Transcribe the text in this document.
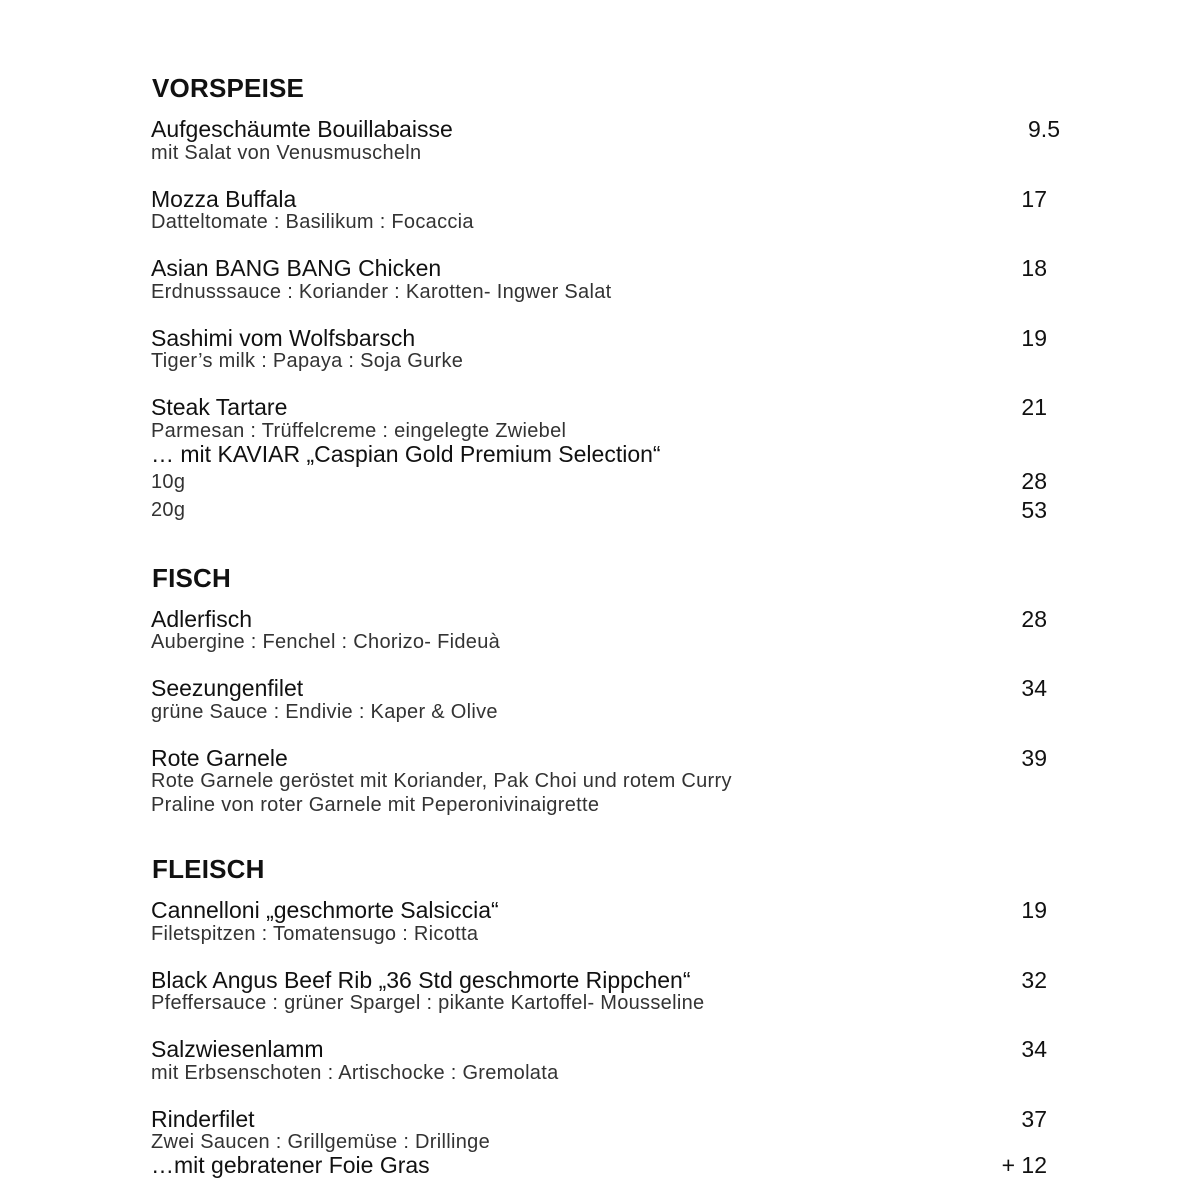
VORSPEISE
Aufgeschäumte Bouillabaisse	9.5
mit Salat von Venusmuscheln
Mozza Buffala	17
Datteltomate : Basilikum : Focaccia
Asian BANG BANG Chicken	18
Erdnusssauce : Koriander : Karotten- Ingwer Salat
Sashimi vom Wolfsbarsch	19
Tiger’s milk : Papaya : Soja Gurke
Steak Tartare	21
Parmesan : Trüffelcreme : eingelegte Zwiebel
… mit KAVIAR „Caspian Gold Premium Selection“
10g	28
20g	53
FISCH
Adlerfisch	28
Aubergine : Fenchel : Chorizo- Fideuà
Seezungenfilet	34
grüne Sauce : Endivie : Kaper & Olive
Rote Garnele	39
Rote Garnele geröstet mit Koriander, Pak Choi und rotem Curry
Praline von roter Garnele mit Peperonivinaigrette
FLEISCH
Cannelloni „geschmorte Salsiccia“	19
Filetspitzen : Tomatensugo : Ricotta
Black Angus Beef Rib „36 Std geschmorte Rippchen“	32
Pfeffersauce : grüner Spargel : pikante Kartoffel- Mousseline
Salzwiesenlamm	34
mit Erbsenschoten : Artischocke : Gremolata
Rinderfilet	37
Zwei Saucen : Grillgemüse : Drillinge
…mit gebratener Foie Gras	+ 12
